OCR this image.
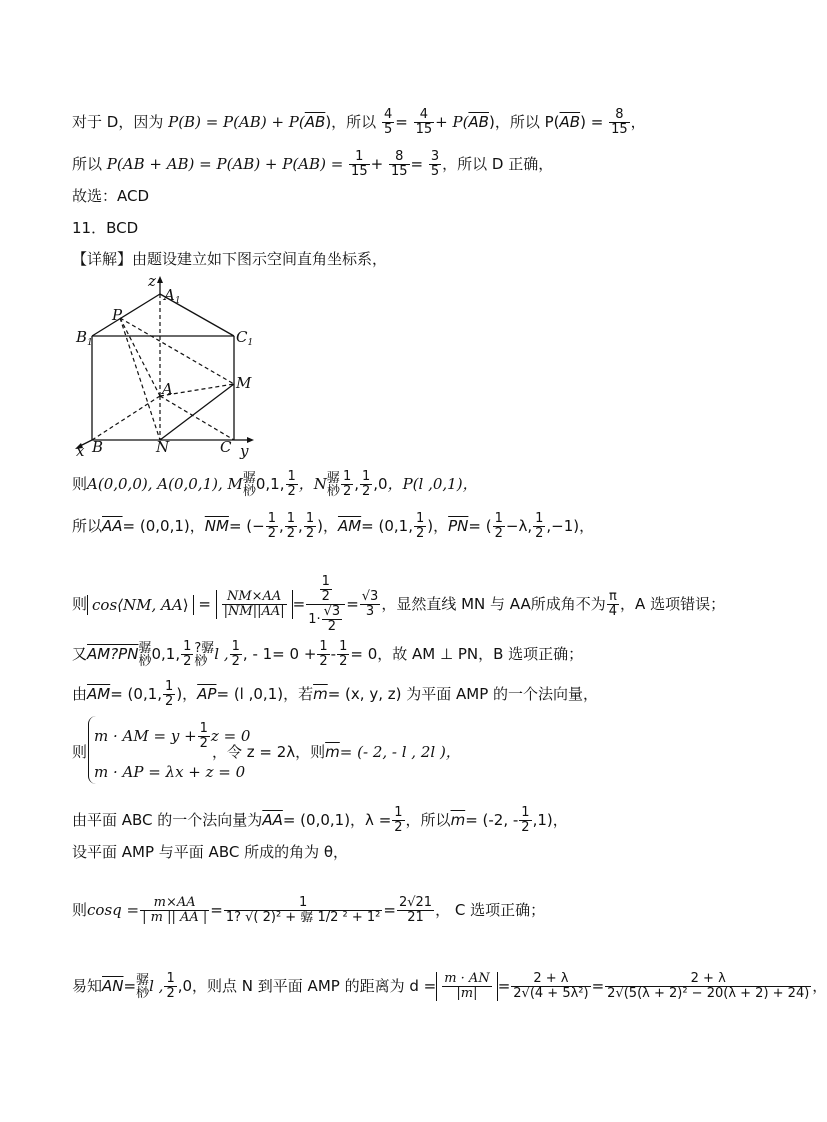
对于 D，因为 $P(B) = P(AB) + P(\overline{AB})$，所以 $\frac{4}{5} = \frac{4}{15} + P(\overline{AB})$，所以 $P(\overline{AB}) = \frac{8}{15}$ ，
所以 $P(AB + AB) = P(AB) + P(AB) = \frac{1}{15} + \frac{8}{15} = \frac{3}{5}$ ，所以 D 正确，
故选：ACD
11．BCD
【详解】由题设建立如下图示空间直角坐标系，
z
$A_1$
P
$B_1$	$C_1$
A	M
x B	N	C y
则A(0,0,0), A(0,0,1), M骣
桫0,1, $\frac{1}{2}$ ，N骣
桫 $\frac{1}{2}$ , $\frac{1}{2} ,0$，P(l ,0,1)，
所以$\overline{AA}= (0,0,1)$，$\overline{NM}=$ (− $\frac{1}{2}$ , $\frac{1}{2}$ , $\frac{1}{2}$ )，$\overline{AM}= (0,1$, $\frac{1}{2}$ )，$\overline{PN}=$ ( $\frac{1}{2} -\lambda$, $\frac{1}{2} ,-1$)，
则 cos⟨NM, AA⟩ = $\frac{NM\times AA}{|NM||AA|} = \frac{\frac{1}{2}}{1\cdot \frac{√3}{2}} = \frac{√3}{3}$ ，显然直线 MN 与 AA所成角不为 $\frac{\pi}{4}$ ，A 选项错误；
又AM?PN骣
桫0,1, $\frac{1}{2}$ ?骣
桫 l , $\frac{1}{2}$ , - $1= 0 + \frac{1}{2} - \frac{1}{2} = 0$，故 AM ⊥ PN，B 选项正确；
由$\overline{AM}= (0,1$, $\frac{1}{2}$ )，$\overline{AP}= (l$ ,0,1)，若$\overline{m}= (x$, y, z) 为平面 AMP 的一个法向量，
m · AM = $y + \frac{1}{2}$ z = 0
则	，令 z = 2λ，则$\overline{m}=$ (- 2, - l , 2l )，
m · AP = λx + z = 0
由平面 ABC 的一个法向量为$\overline{AA}= (0,0,1)$，$\lambda = \frac{1}{2}$ ，所以$\overline{m}= (-2$, - $\frac{1}{2} ,1$)，
设平面 AMP 与平面 ABC 所成的角为 θ，
则$\cos q = \frac{m\times AA}{| m || AA |} = \frac{1}{\text{1? √( 2)² + 骣 1/2 ² + 1²}} = \frac{2√21}{21}$ ， C 选项正确；
易知$\overline{AN}=$骣
桫l , $\frac{1}{2} ,0$，则点 N 到平面 AMP 的距离为 $d = \frac{m \cdot AN}{|m|} = \frac{2 + \lambda}{\text{2√(4 + 5λ²)}} = \frac{2 + \lambda}{\text{2√(5(λ + 2)² − 20(λ + 2) + 24)}}$ ，
